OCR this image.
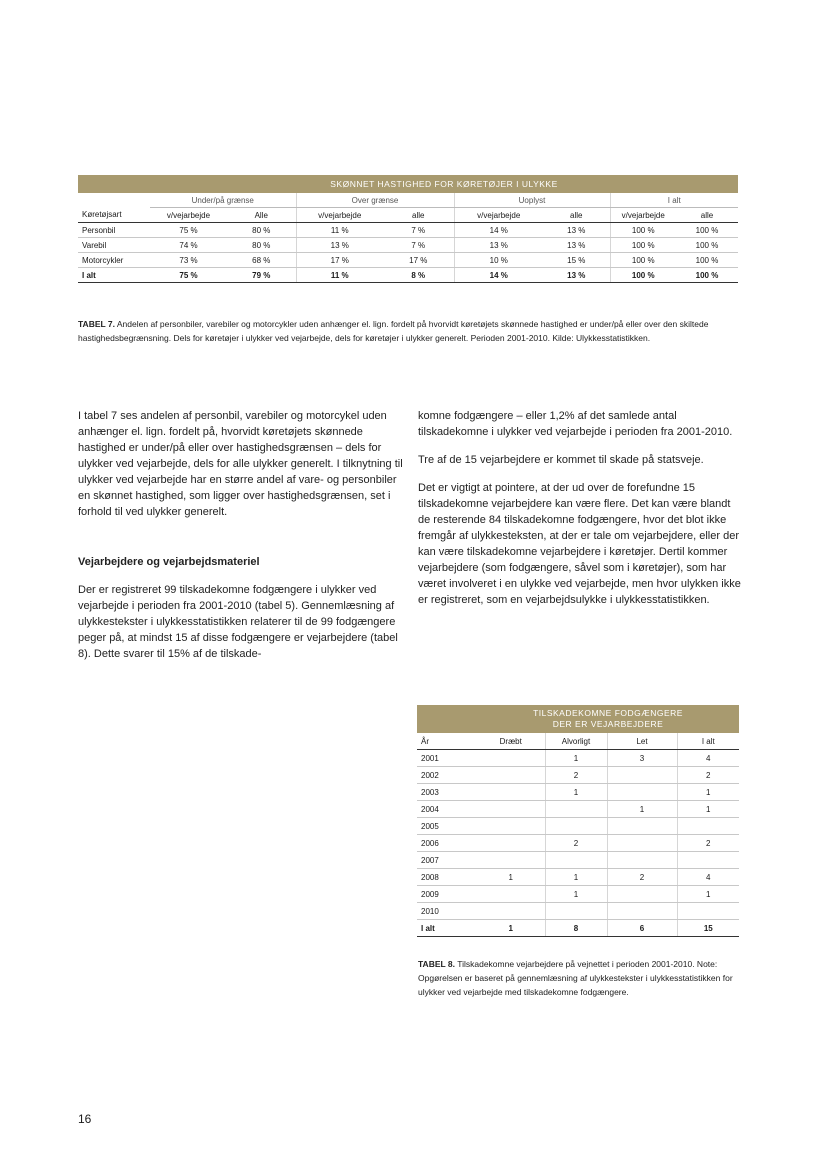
	SKØNNET HASTIGHED FOR KØRETØJER I ULYKKE							
	Under/på grænse		Over grænse		Uoplyst		I alt	
Køretøjsart	v/vejarbejde	Alle	v/vejarbejde	alle	v/vejarbejde	alle	v/vejarbejde	alle
Personbil	75 %	80 %	11 %	7 %	14 %	13 %	100 %	100 %
Varebil	74 %	80 %	13 %	7 %	13 %	13 %	100 %	100 %
Motorcykler	73 %	68 %	17 %	17 %	10 %	15 %	100 %	100 %
I alt	75 %	79 %	11 %	8 %	14 %	13 %	100 %	100 %
TABEL 7. Andelen af personbiler, varebiler og motorcykler uden anhænger el. lign. fordelt på hvorvidt køretøjets skønnede hastighed er under/på eller over den skiltede hastighedsbegrænsning. Dels for køretøjer i ulykker ved vejarbejde, dels for køretøjer i ulykker generelt. Perioden 2001-2010. Kilde: Ulykkesstatistikken.

I tabel 7 ses andelen af personbil, varebiler og motorcykel uden anhænger el. lign. fordelt på, hvorvidt køretøjets skønnede hastighed er under/på eller over hastighedsgrænsen – dels for ulykker ved vejarbejde, dels for alle ulykker generelt. I tilknytning til ulykker ved vejarbejde har en større andel af vare- og personbiler en skønnet hastighed, som ligger over hastighedsgrænsen, set i forhold til ved ulykker generelt.

Vejarbejdere og vejarbejdsmateriel

Der er registreret 99 tilskadekomne fodgængere i ulykker ved vejarbejde i perioden fra 2001-2010 (tabel 5). Gennemlæsning af ulykkestekster i ulykkesstatistikken relaterer til de 99 fodgængere peger på, at mindst 15 af disse fodgængere er vejarbejdere (tabel 8). Dette svarer til 15% af de tilskade-

komne fodgængere – eller 1,2% af det samlede antal tilskadekomne i ulykker ved vejarbejde i perioden fra 2001-2010.

Tre af de 15 vejarbejdere er kommet til skade på statsveje.

Det er vigtigt at pointere, at der ud over de forefundne 15 tilskadekomne vejarbejdere kan være flere. Det kan være blandt de resterende 84 tilskadekomne fodgængere, hvor det blot ikke fremgår af ulykkesteksten, at der er tale om vejarbejdere, eller der kan være tilskadekomne vejarbejdere i køretøjer. Dertil kommer vejarbejdere (som fodgængere, såvel som i køretøjer), som har været involveret i en ulykke ved vejarbejde, men hvor ulykken ikke er registreret, som en vejarbejdsulykke i ulykkesstatistikken.

	TILSKADEKOMNE FODGÆNGERE
DER ER VEJARBEJDERE			

År	Dræbt	Alvorligt	Let	I alt
2001		1	3	4
2002		2		2
2003		1		1
2004			1	1
2005				
2006		2		2
2007				
2008	1	1	2	4
2009		1		1
2010				
I alt	1	8	6	15
TABEL 8. Tilskadekomne vejarbejdere på vejnettet i perioden 2001-2010. Note: Opgørelsen er baseret på gennemlæsning af ulykkestekster i ulykkesstatistikken for ulykker ved vejarbejde med tilskadekomne fodgængere.
16
